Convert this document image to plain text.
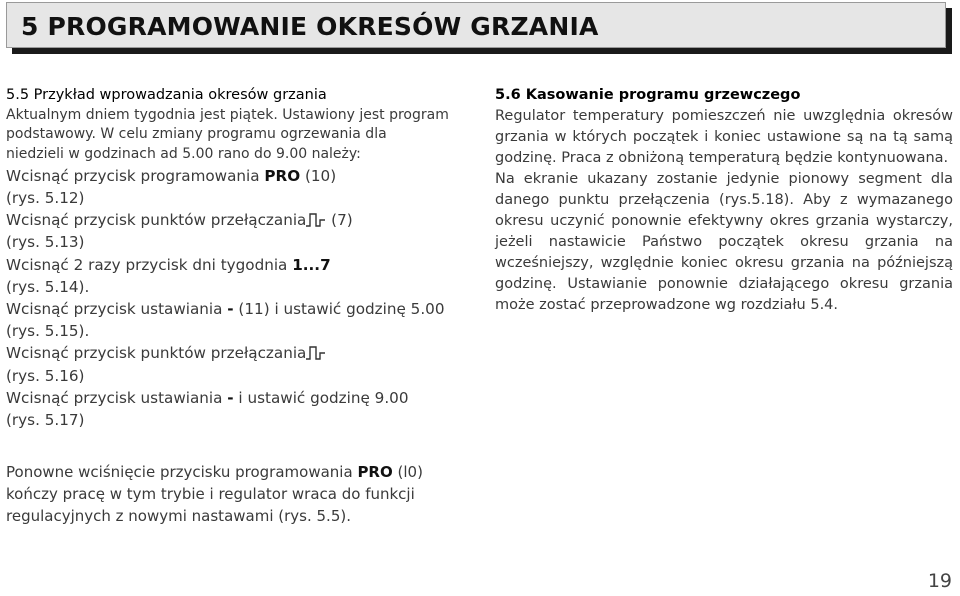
5 PROGRAMOWANIE OKRESÓW GRZANIA
5.5 Przykład wprowadzania okresów grzania
Aktualnym dniem tygodnia jest piątek. Ustawiony jest program
podstawowy. W celu zmiany programu ogrzewania dla
niedzieli w godzinach ad 5.00 rano do 9.00 należy:
Wcisnąć przycisk programowania PRO (10)
(rys. 5.12)
Wcisnąć przycisk punktów przełączania
(7)
(rys. 5.13)
Wcisnąć 2 razy przycisk dni tygodnia 1...7
(rys. 5.14).
Wcisnąć przycisk ustawiania - (11) i ustawić godzinę 5.00
(rys. 5.15).
Wcisnąć przycisk punktów przełączania
(rys. 5.16)
Wcisnąć przycisk ustawiania - i ustawić godzinę 9.00
(rys. 5.17)
Ponowne wciśnięcie przycisku programowania PRO (l0)
kończy pracę w tym trybie i regulator wraca do funkcji
regulacyjnych z nowymi nastawami (rys. 5.5).
5.6 Kasowanie programu grzewczego
Regulator temperatury pomieszczeń nie uwzględnia okresów grzania w których początek i koniec ustawione są na tą samą godzinę. Praca z obniżoną temperaturą będzie kontynuowana.
Na ekranie ukazany zostanie jedynie pionowy segment dla danego punktu przełączenia (rys.5.18). Aby z wymazanego okresu uczynić ponownie efektywny okres grzania wystarczy, jeżeli nastawicie Państwo początek okresu grzania na wcześniejszy, względnie koniec okresu grzania na późniejszą godzinę. Ustawianie ponownie działającego okresu grzania może zostać przeprowadzone wg rozdziału 5.4.
19
